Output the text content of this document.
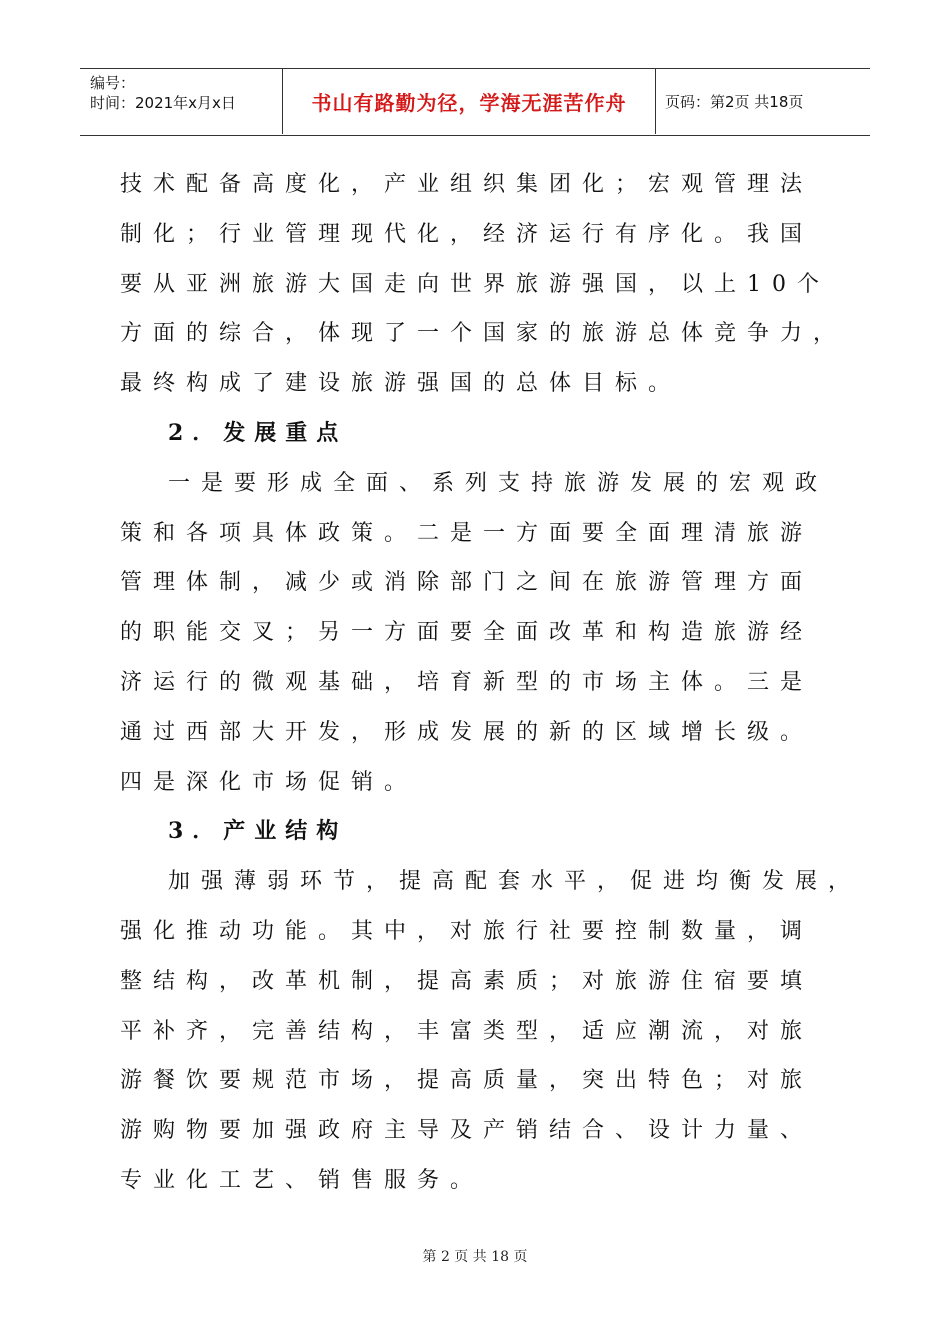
编号：
时间：2021年x月x日	书山有路勤为径，学海无涯苦作舟	页码：第2页 共18页
技术配备高度化，产业组织集团化；宏观管理法
制化；行业管理现代化，经济运行有序化。我国
要从亚洲旅游大国走向世界旅游强国，以上10个
方面的综合，体现了一个国家的旅游总体竞争力，
最终构成了建设旅游强国的总体目标。
2．发展重点
一是要形成全面、系列支持旅游发展的宏观政
策和各项具体政策。二是一方面要全面理清旅游
管理体制，减少或消除部门之间在旅游管理方面
的职能交叉；另一方面要全面改革和构造旅游经
济运行的微观基础，培育新型的市场主体。三是
通过西部大开发，形成发展的新的区域增长级。
四是深化市场促销。
3．产业结构
加强薄弱环节，提高配套水平，促进均衡发展，
强化推动功能。其中，对旅行社要控制数量，调
整结构，改革机制，提高素质；对旅游住宿要填
平补齐，完善结构，丰富类型，适应潮流，对旅
游餐饮要规范市场，提高质量，突出特色；对旅
游购物要加强政府主导及产销结合、设计力量、
专业化工艺、销售服务。
第 2 页 共 18 页
